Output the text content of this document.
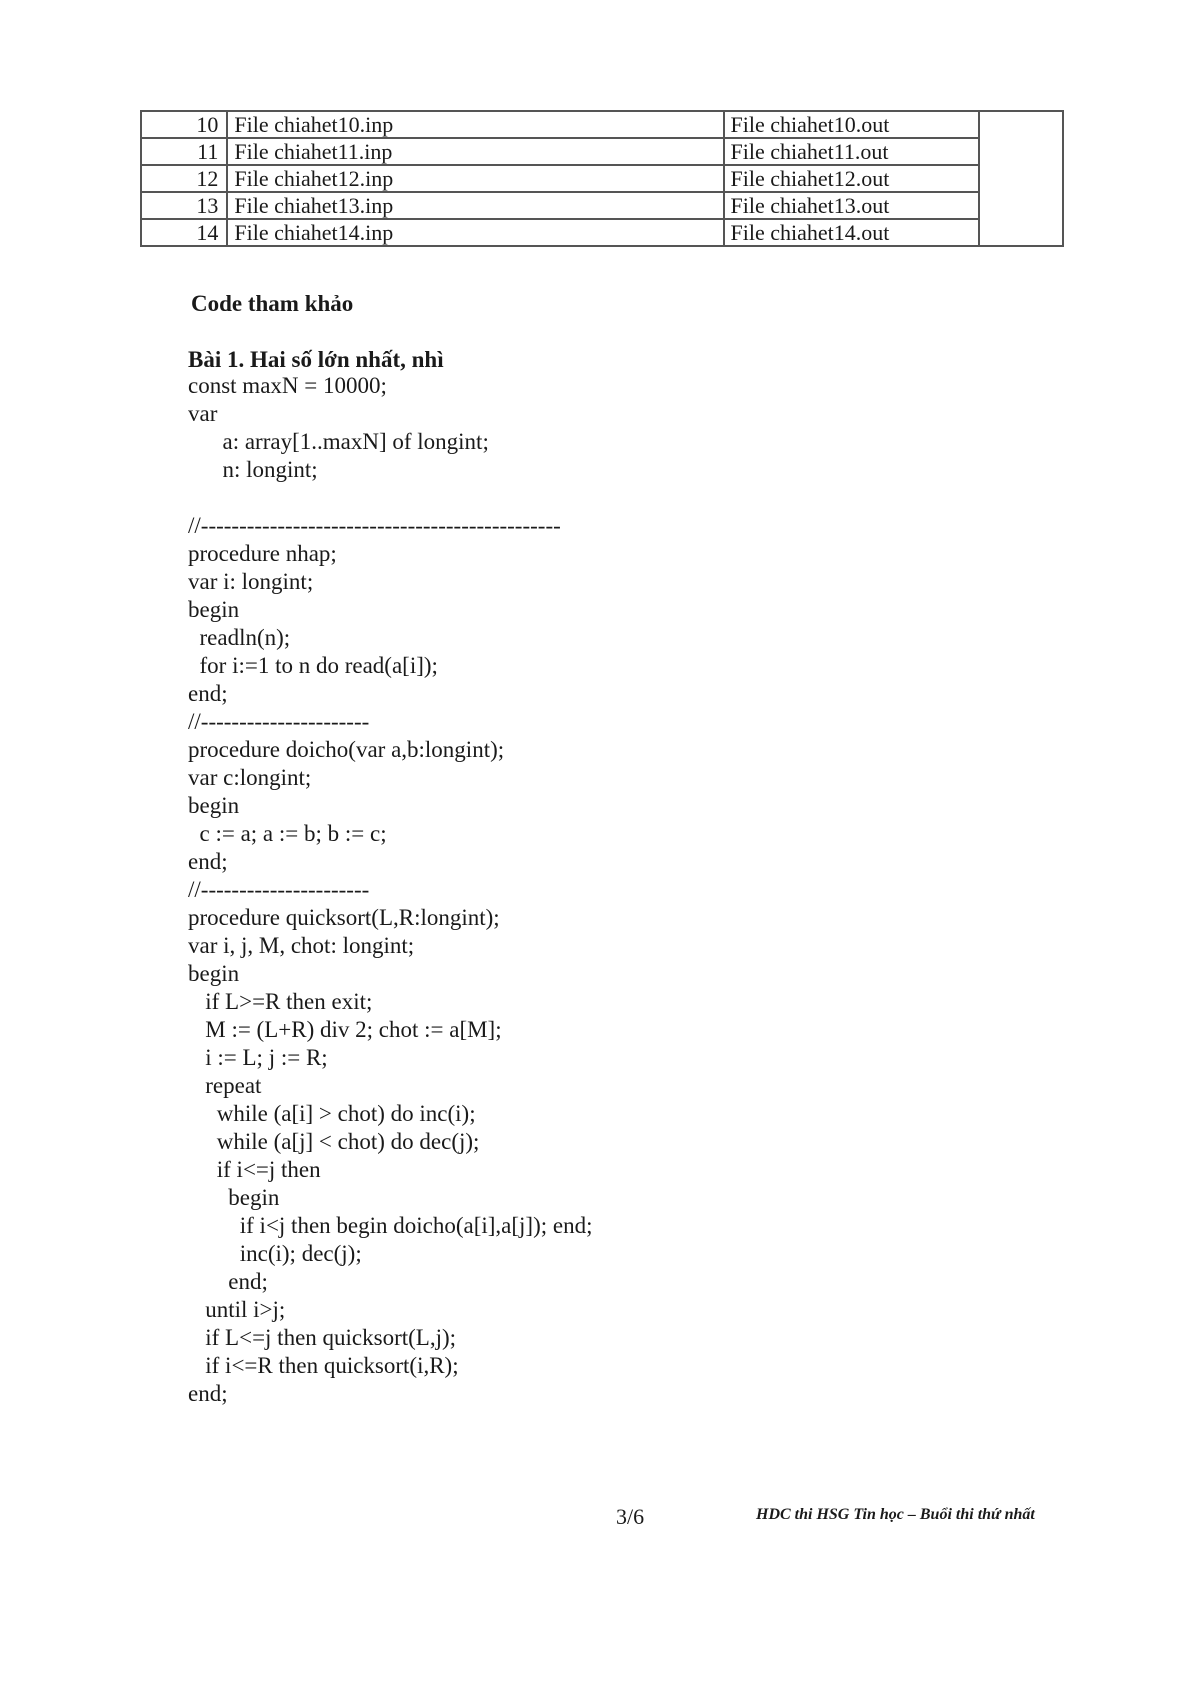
10	File chiahet10.inp	File chiahet10.out	
11	File chiahet11.inp	File chiahet11.out	
12	File chiahet12.inp	File chiahet12.out	
13	File chiahet13.inp	File chiahet13.out	
14	File chiahet14.inp	File chiahet14.out	
Code tham khảo
Bài 1. Hai số lớn nhất, nhì
const maxN = 10000;
var
a: array[1..maxN] of longint;
n: longint;
//-----------------------------------------------
procedure nhap;
var i: longint;
begin
readln(n);
for i:=1 to n do read(a[i]);
end;
//----------------------
procedure doicho(var a,b:longint);
var c:longint;
begin
c := a; a := b; b := c;
end;
//----------------------
procedure quicksort(L,R:longint);
var i, j, M, chot: longint;
begin
if L>=R then exit;
M := (L+R) div 2; chot := a[M];
i := L; j := R;
repeat
while (a[i] > chot) do inc(i);
while (a[j] < chot) do dec(j);
if i<=j then
begin
if i<j then begin doicho(a[i],a[j]); end;
inc(i); dec(j);
end;
until i>j;
if L<=j then quicksort(L,j);
if i<=R then quicksort(i,R);
end;
3/6	HDC thi HSG Tin học – Buổi thi thứ nhất
